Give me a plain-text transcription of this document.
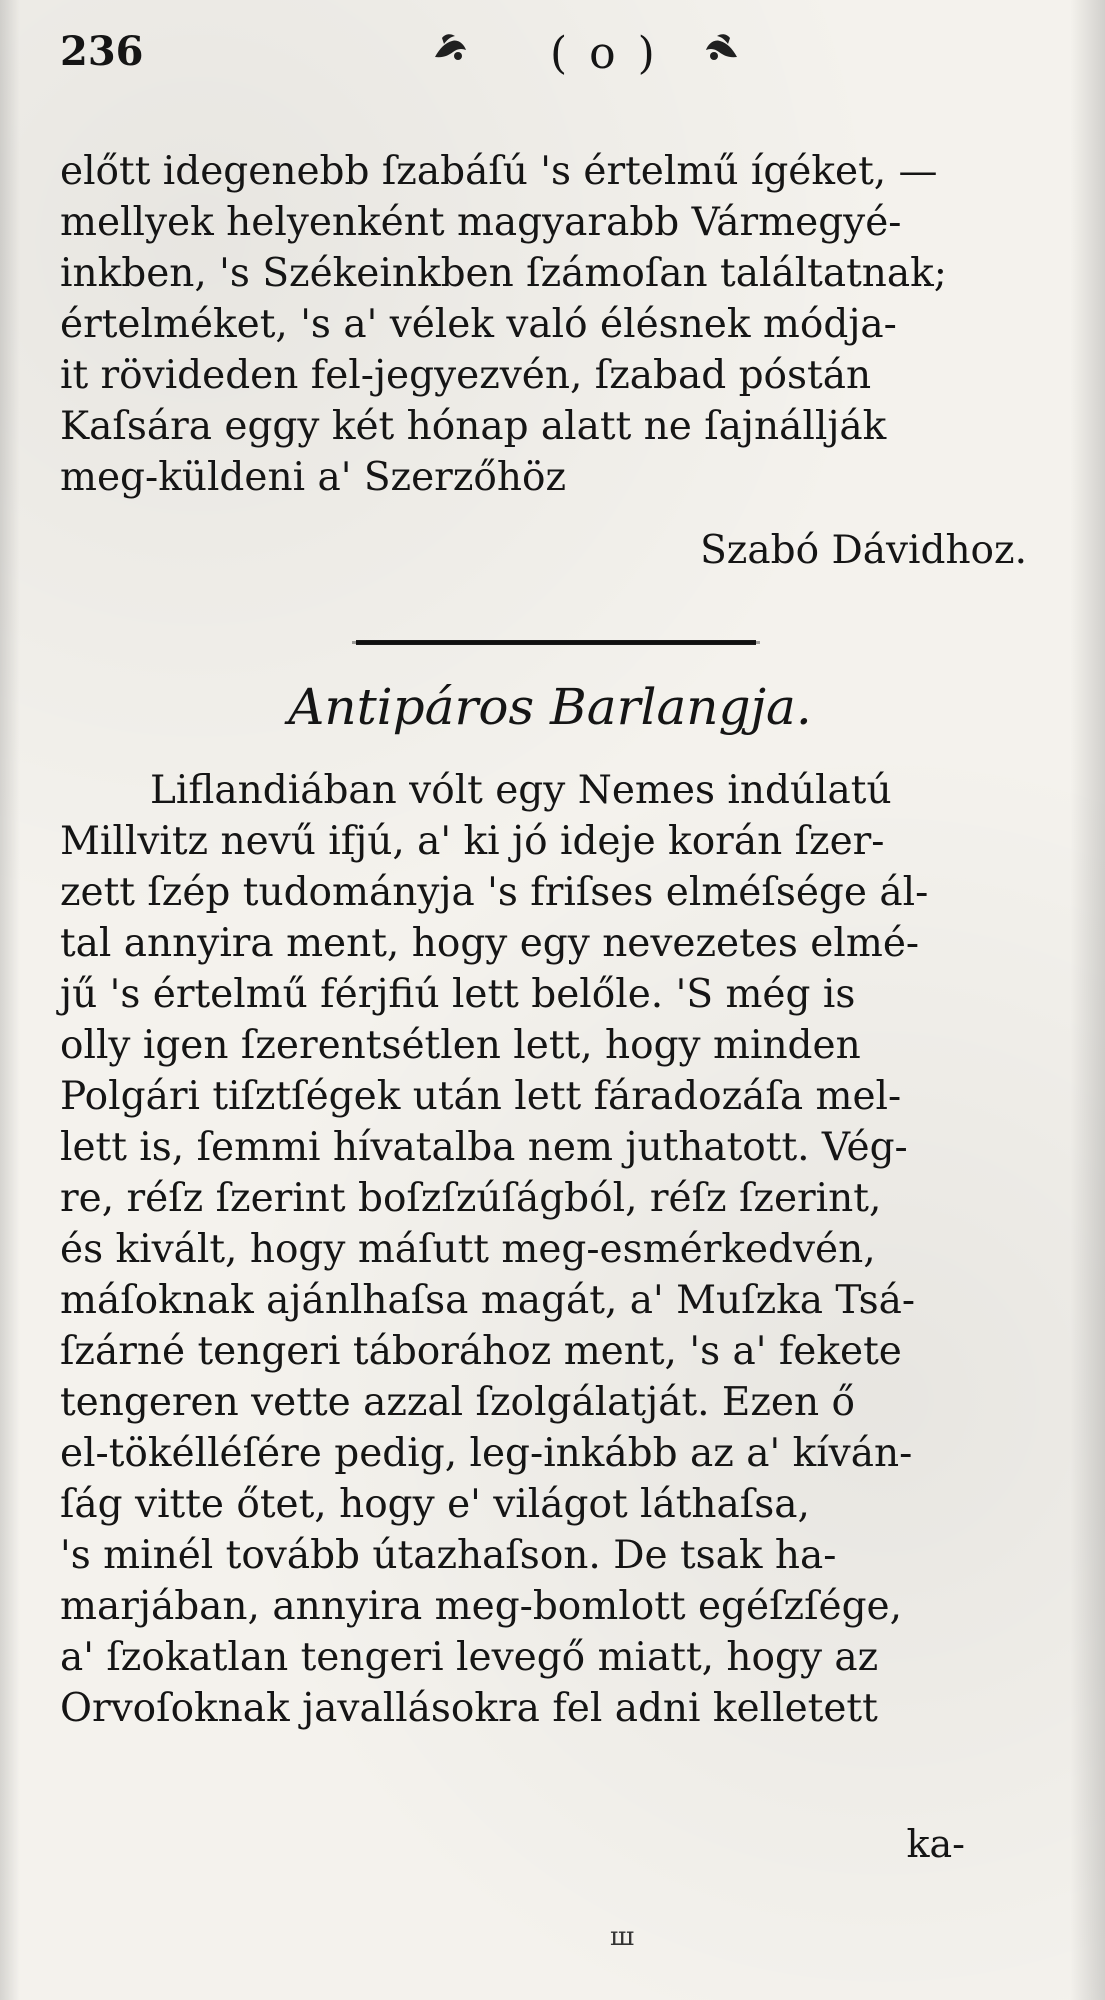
236	( o )
előtt idegenebb ſzabáſú 's értelmű ígéket, —
mellyek helyenként magyarabb Vármegyé-
inkben, 's Székeinkben ſzámoſan találtatnak;
értelméket, 's a' vélek való élésnek módja-
it rövideden fel-jegyezvén, ſzabad póstán
Kaſsára eggy két hónap alatt ne ſajnállják
meg-küldeni a' Szerzőhöz
Szabó Dávidhoz.
Antipáros Barlangja.
Liflandiában vólt egy Nemes indúlatú
Millvitz nevű ifjú, a' ki jó ideje korán ſzer-
zett ſzép tudományja 's friſses elméſsége ál-
tal annyira ment, hogy egy nevezetes elmé-
jű 's értelmű férjfiú lett belőle. 'S még is
olly igen ſzerentsétlen lett, hogy minden
Polgári tiſztſégek után lett fáradozáſa mel-
lett is, ſemmi hívatalba nem juthatott. Vég-
re, réſz ſzerint boſzſzúſágból, réſz ſzerint,
és kivált, hogy máſutt meg-esmérkedvén,
máſoknak ajánlhaſsa magát, a' Muſzka Tsá-
ſzárné tengeri táborához ment, 's a' fekete
tengeren vette azzal ſzolgálatját. Ezen ő
el-tökélléſére pedig, leg-inkább az a' kíván-
ſág vitte őtet, hogy e' világot láthaſsa,
's minél tovább útazhaſson. De tsak ha-
marjában, annyira meg-bomlott egéſzſége,
a' ſzokatlan tengeri levegő miatt, hogy az
Orvoſoknak javallásokra fel adni kelletett
ka-
ш
